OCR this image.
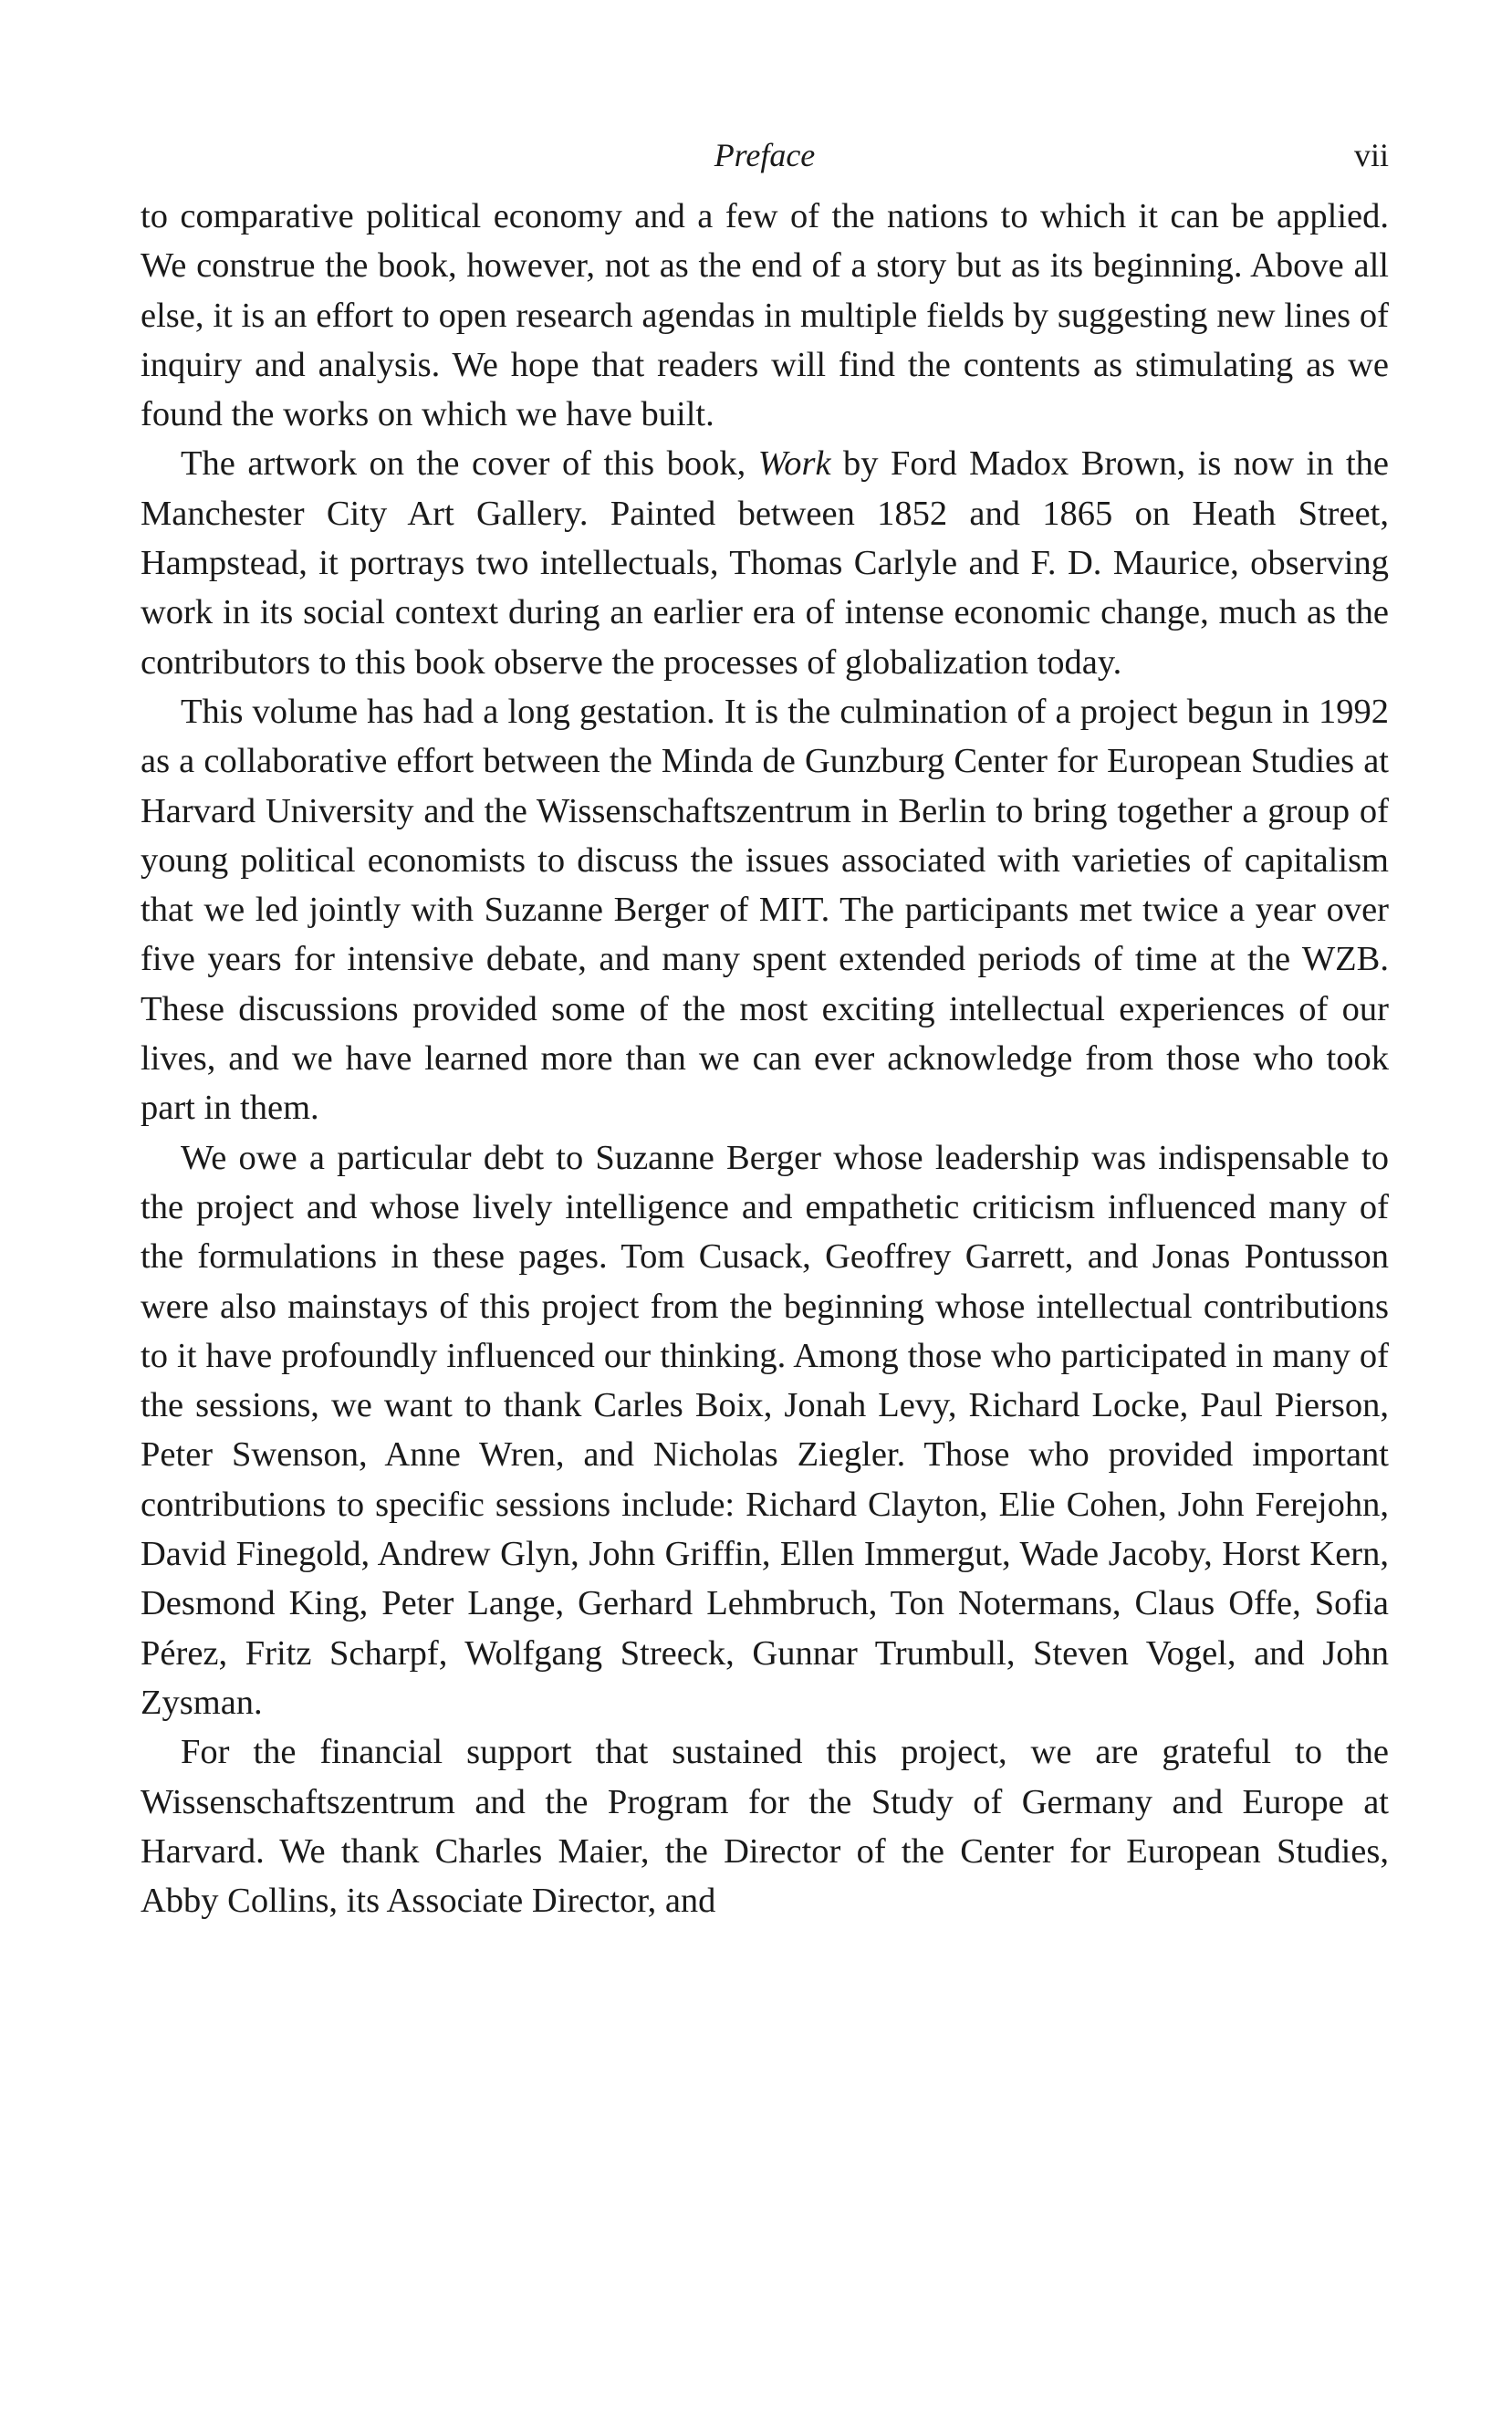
Preface	vii

to comparative political economy and a few of the nations to which it can be applied. We construe the book, however, not as the end of a story but as its beginning. Above all else, it is an effort to open research agendas in multiple fields by suggesting new lines of inquiry and analysis. We hope that readers will find the contents as stimulating as we found the works on which we have built.

The artwork on the cover of this book, Work by Ford Madox Brown, is now in the Manchester City Art Gallery. Painted between 1852 and 1865 on Heath Street, Hampstead, it portrays two intellectuals, Thomas Carlyle and F. D. Maurice, observing work in its social context during an earlier era of intense economic change, much as the contributors to this book observe the processes of globalization today.

This volume has had a long gestation. It is the culmination of a project begun in 1992 as a collaborative effort between the Minda de Gunzburg Center for European Studies at Harvard University and the Wissenschaftszentrum in Berlin to bring together a group of young political economists to discuss the issues associated with varieties of capitalism that we led jointly with Suzanne Berger of MIT. The participants met twice a year over five years for intensive debate, and many spent extended periods of time at the WZB. These discussions provided some of the most exciting intellectual experiences of our lives, and we have learned more than we can ever acknowledge from those who took part in them.

We owe a particular debt to Suzanne Berger whose leadership was indispensable to the project and whose lively intelligence and empathetic criticism influenced many of the formulations in these pages. Tom Cusack, Geoffrey Garrett, and Jonas Pontusson were also mainstays of this project from the beginning whose intellectual contributions to it have profoundly influenced our thinking. Among those who participated in many of the sessions, we want to thank Carles Boix, Jonah Levy, Richard Locke, Paul Pierson, Peter Swenson, Anne Wren, and Nicholas Ziegler. Those who provided important contributions to specific sessions include: Richard Clayton, Elie Cohen, John Ferejohn, David Finegold, Andrew Glyn, John Griffin, Ellen Immergut, Wade Jacoby, Horst Kern, Desmond King, Peter Lange, Gerhard Lehmbruch, Ton Notermans, Claus Offe, Sofia Pérez, Fritz Scharpf, Wolfgang Streeck, Gunnar Trumbull, Steven Vogel, and John Zysman.

For the financial support that sustained this project, we are grateful to the Wissenschaftszentrum and the Program for the Study of Germany and Europe at Harvard. We thank Charles Maier, the Director of the Center for European Studies, Abby Collins, its Associate Director, and
